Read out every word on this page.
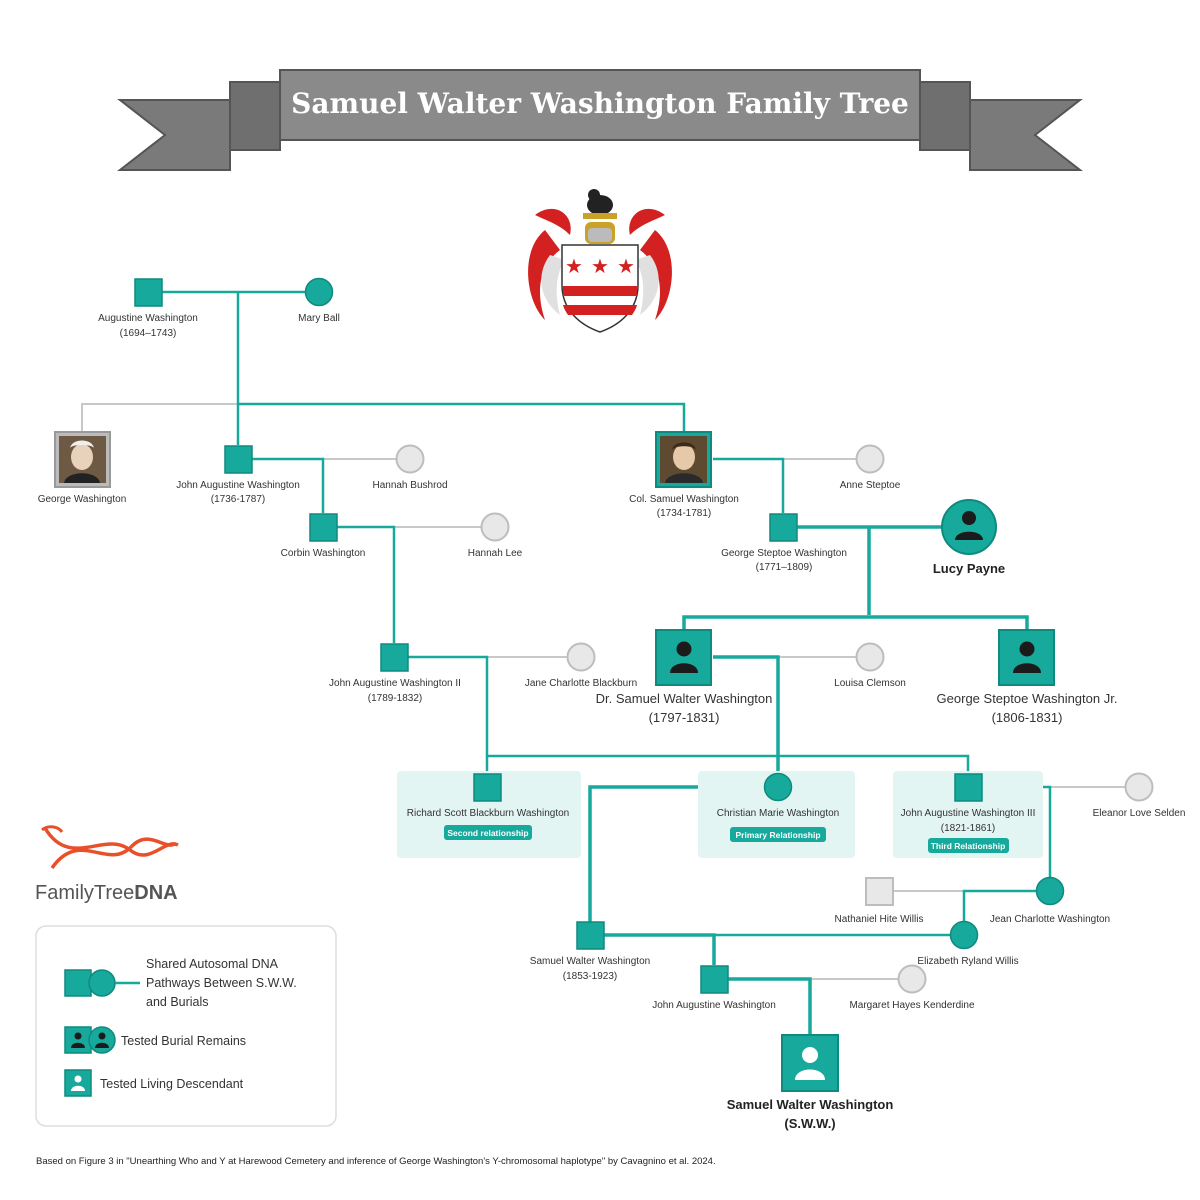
Samuel Walter Washington Family Tree
★ ★ ★
Augustine Washington
(1694–1743)
Mary Ball
George Washington
John Augustine Washington
(1736-1787)
Hannah Bushrod
Col. Samuel Washington
(1734-1781)
Anne Steptoe
Corbin Washington	Hannah Lee	George Steptoe Washington
(1771–1809)	Lucy Payne
John Augustine Washington II
(1789-1832)
Jane Charlotte Blackburn
Dr. Samuel Walter Washington
(1797-1831)
Louisa Clemson
George Steptoe Washington Jr.
(1806-1831)
Richard Scott Blackburn Washington
Second relationship
Christian Marie Washington
Primary Relationship
John Augustine Washington III
(1821-1861)
Third Relationship
Eleanor Love Selden
Nathaniel Hite Willis	Jean Charlotte Washington
Samuel Walter Washington
(1853-1923)
Elizabeth Ryland Willis
John Augustine Washington	Margaret Hayes Kenderdine
Samuel Walter Washington
(S.W.W.)
FamilyTreeDNA
Shared Autosomal DNA
Pathways Between S.W.W.
and Burials
Tested Burial Remains
Tested Living Descendant
Based on Figure 3 in "Unearthing Who and Y at Harewood Cemetery and inference of George Washington's Y-chromosomal haplotype" by Cavagnino et al. 2024.
